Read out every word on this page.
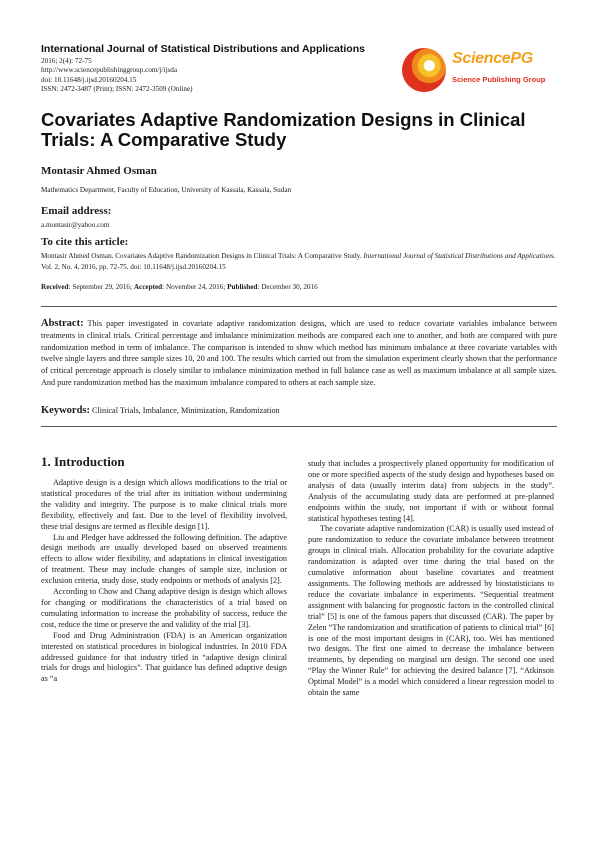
International Journal of Statistical Distributions and Applications
2016; 2(4): 72-75
http://www.sciencepublishinggroup.com/j/ijsda
doi: 10.11648/j.ijsd.20160204.15
ISSN: 2472-3487 (Print); ISSN: 2472-3509 (Online)
SciencePG
Science Publishing Group
Covariates Adaptive Randomization Designs in Clinical Trials: A Comparative Study
Montasir Ahmed Osman
Mathematics Department, Faculty of Education, University of Kassala, Kassala, Sudan
Email address:
a.montasir@yahoo.com
To cite this article:
Montasir Ahmed Osman. Covariates Adaptive Randomization Designs in Clinical Trials: A Comparative Study. International Journal of Statistical Distributions and Applications. Vol. 2, No. 4, 2016, pp. 72-75. doi: 10.11648/j.ijsd.20160204.15
Received: September 29, 2016; Accepted: November 24, 2016; Published: December 30, 2016
Abstract: This paper investigated in covariate adaptive randomization designs, which are used to reduce covariate variables imbalance between treatments in clinical trials. Critical percentage and imbalance minimization methods are compared each one to another, and both are compared with pure randomization method in term of imbalance. The comparison is intended to show which method has minimum imbalance at three covariate variables with twelve single layers and three sample sizes 10, 20 and 100. The results which carried out from the simulation experiment clearly shown that the performance of critical percentage approach is closely similar to imbalance minimization method in full balance case as well as maximum imbalance at all sample sizes. And pure randomization method has the maximum imbalance compared to others at each sample size.
Keywords: Clinical Trials, Imbalance, Minimization, Randomization
1. Introduction

Adaptive design is a design which allows modifications to the trial or statistical procedures of the trial after its initiation without undermining the validity and integrity. The purpose is to make clinical trials more flexibility, effectively and fast. Due to the level of flexibility involved, these trial designs are termed as flexible design [1].

Liu and Pledger have addressed the following definition. The adaptive design methods are usually developed based on observed treatments effects to allow wider flexibility, and adaptations in clinical investigation of treatment. These may include changes of sample size, inclusion or exclusion criteria, study dose, study endpoints or methods of analysis [2].

According to Chow and Chang adaptive design is design which allows for changing or modifications the characteristics of a trial based on cumulating information to increase the probability of success, reduce the cost, reduce the time or preserve the and validity of the trial [3].

Food and Drug Administration (FDA) is an American organization interested on statistical procedures in biological industries. In 2010 FDA addressed guidance for that industry titled in “adaptive design clinical trials for drugs and biologics”. That guidance has defined adaptive design as “a

study that includes a prospectively planed opportunity for modification of one or more specified aspects of the study design and hypotheses based on analysis of data (usually interim data) from subjects in the study”. Analysis of the accumulating study data are performed at pre-planned endpoints within the study, not important if with or without formal statistical hypotheses testing [4].

The covariate adaptive randomization (CAR) is usually used instead of pure randomization to reduce the covariate imbalance between treatment groups in clinical trials. Allocation probability for the covariate adaptive randomization is adapted over time during the trial based on the cumulative information about baseline covariates and treatment assignments. The following methods are addressed by biostatisticians to reduce the covariate imbalance in experiments. “Sequential treatment assignment with balancing for prognostic factors in the controlled clinical trial” [5] is one of the famous papers that discussed (CAR). The paper by Zelen “The randomization and stratification of patients to clinical trial” [6] is one of the most important designs in (CAR), too. Wei has mentioned two designs. The first one aimed to decrease the imbalance between treatments, by depending on marginal urn design. The second one used “Play the Winner Rule” for achieving the desired balance [7]. “Atkinson Optimal Model” is a model which considered a linear regression model to obtain the same
